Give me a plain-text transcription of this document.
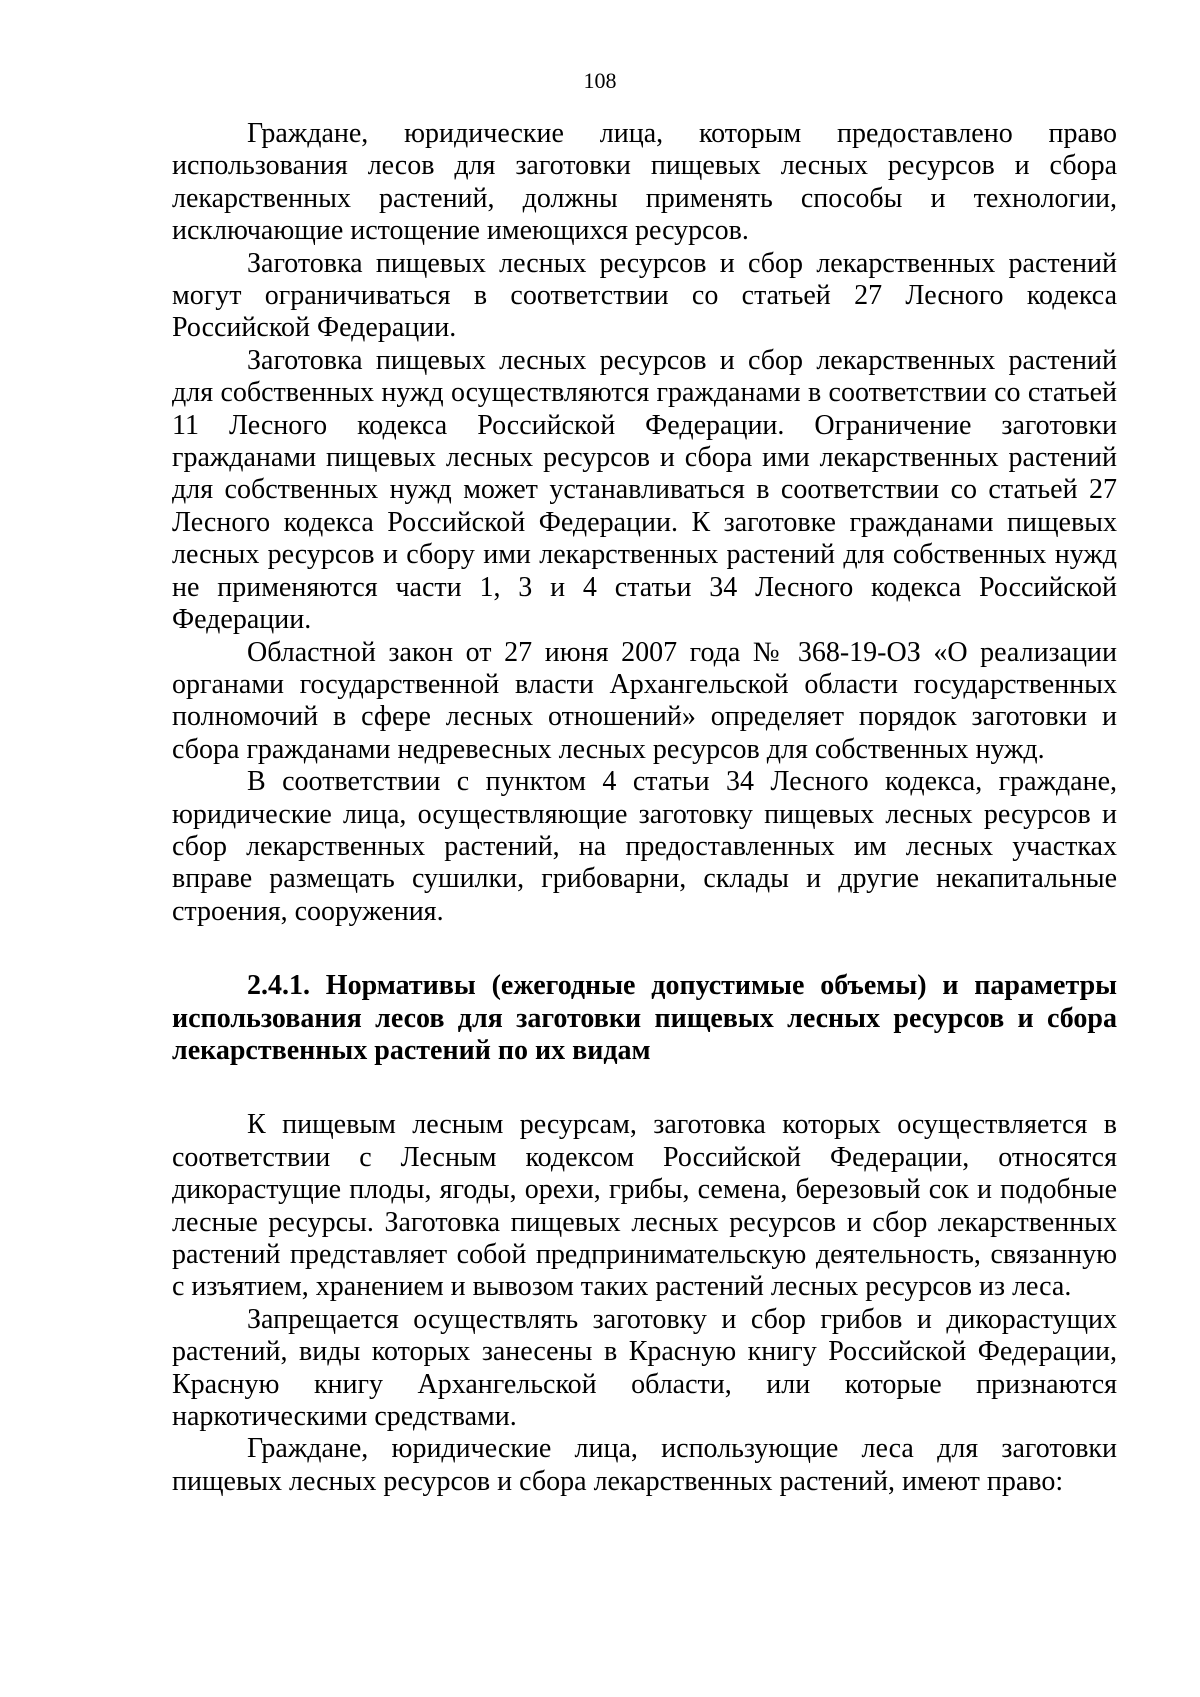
108

Граждане, юридические лица, которым предоставлено право использования лесов для заготовки пищевых лесных ресурсов и сбора лекарственных растений, должны применять способы и технологии, исключающие истощение имеющихся ресурсов.

Заготовка пищевых лесных ресурсов и сбор лекарственных растений могут ограничиваться в соответствии со статьей 27 Лесного кодекса Российской Федерации.

Заготовка пищевых лесных ресурсов и сбор лекарственных растений для собственных нужд осуществляются гражданами в соответствии со статьей 11 Лесного кодекса Российской Федерации. Ограничение заготовки гражданами пищевых лесных ресурсов и сбора ими лекарственных растений для собственных нужд может устанавливаться в соответствии со статьей 27 Лесного кодекса Российской Федерации. К заготовке гражданами пищевых лесных ресурсов и сбору ими лекарственных растений для собственных нужд не применяются части 1, 3 и 4 статьи 34 Лесного кодекса Российской Федерации.

Областной закон от 27 июня 2007 года № 368-19-ОЗ «О реализации органами государственной власти Архангельской области государственных полномочий в сфере лесных отношений» определяет порядок заготовки и сбора гражданами недревесных лесных ресурсов для собственных нужд.

В соответствии с пунктом 4 статьи 34 Лесного кодекса, граждане, юридические лица, осуществляющие заготовку пищевых лесных ресурсов и сбор лекарственных растений, на предоставленных им лесных участках вправе размещать сушилки, грибоварни, склады и другие некапитальные строения, сооружения.

2.4.1. Нормативы (ежегодные допустимые объемы) и параметры использования лесов для заготовки пищевых лесных ресурсов и сбора лекарственных растений по их видам

К пищевым лесным ресурсам, заготовка которых осуществляется в соответствии с Лесным кодексом Российской Федерации, относятся дикорастущие плоды, ягоды, орехи, грибы, семена, березовый сок и подобные лесные ресурсы. Заготовка пищевых лесных ресурсов и сбор лекарственных растений представляет собой предпринимательскую деятельность, связанную с изъятием, хранением и вывозом таких растений лесных ресурсов из леса.

Запрещается осуществлять заготовку и сбор грибов и дикорастущих растений, виды которых занесены в Красную книгу Российской Федерации, Красную книгу Архангельской области, или которые признаются наркотическими средствами.

Граждане, юридические лица, использующие леса для заготовки пищевых лесных ресурсов и сбора лекарственных растений, имеют право:
